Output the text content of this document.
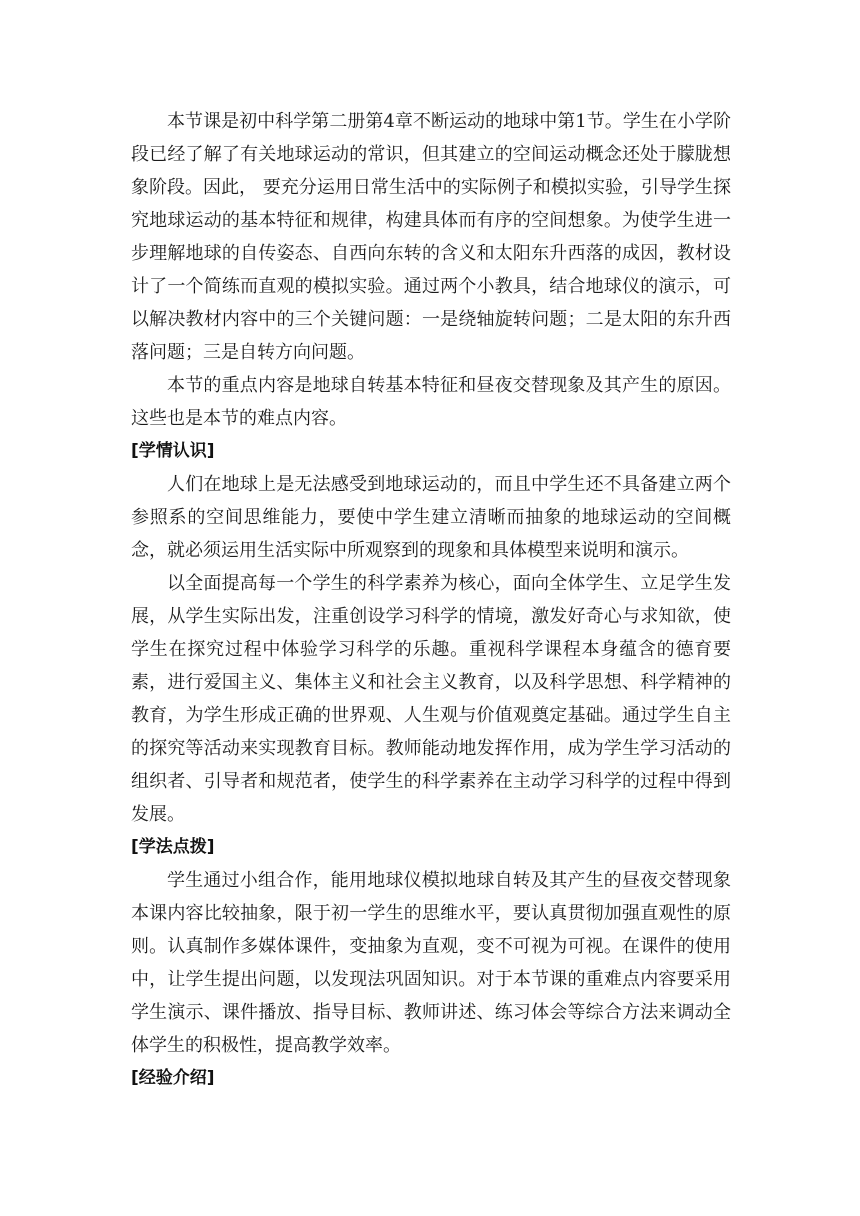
本节课是初中科学第二册第4章不断运动的地球中第1节。学生在小学阶段已经了解了有关地球运动的常识，但其建立的空间运动概念还处于朦胧想象阶段。因此， 要充分运用日常生活中的实际例子和模拟实验，引导学生探究地球运动的基本特征和规律，构建具体而有序的空间想象。为使学生进一步理解地球的自传姿态、自西向东转的含义和太阳东升西落的成因，教材设计了一个简练而直观的模拟实验。通过两个小教具，结合地球仪的演示，可以解决教材内容中的三个关键问题：一是绕轴旋转问题；二是太阳的东升西落问题；三是自转方向问题。

本节的重点内容是地球自转基本特征和昼夜交替现象及其产生的原因。这些也是本节的难点内容。

[学情认识]

人们在地球上是无法感受到地球运动的，而且中学生还不具备建立两个参照系的空间思维能力，要使中学生建立清晰而抽象的地球运动的空间概念，就必须运用生活实际中所观察到的现象和具体模型来说明和演示。

以全面提高每一个学生的科学素养为核心，面向全体学生、立足学生发展，从学生实际出发，注重创设学习科学的情境，激发好奇心与求知欲，使学生在探究过程中体验学习科学的乐趣。重视科学课程本身蕴含的德育要素，进行爱国主义、集体主义和社会主义教育，以及科学思想、科学精神的教育，为学生形成正确的世界观、人生观与价值观奠定基础。通过学生自主的探究等活动来实现教育目标。教师能动地发挥作用，成为学生学习活动的组织者、引导者和规范者，使学生的科学素养在主动学习科学的过程中得到发展。

[学法点拨]

学生通过小组合作，能用地球仪模拟地球自转及其产生的昼夜交替现象本课内容比较抽象，限于初一学生的思维水平，要认真贯彻加强直观性的原则。认真制作多媒体课件，变抽象为直观，变不可视为可视。在课件的使用中，让学生提出问题，以发现法巩固知识。对于本节课的重难点内容要采用学生演示、课件播放、指导目标、教师讲述、练习体会等综合方法来调动全体学生的积极性，提高教学效率。

[经验介绍]
